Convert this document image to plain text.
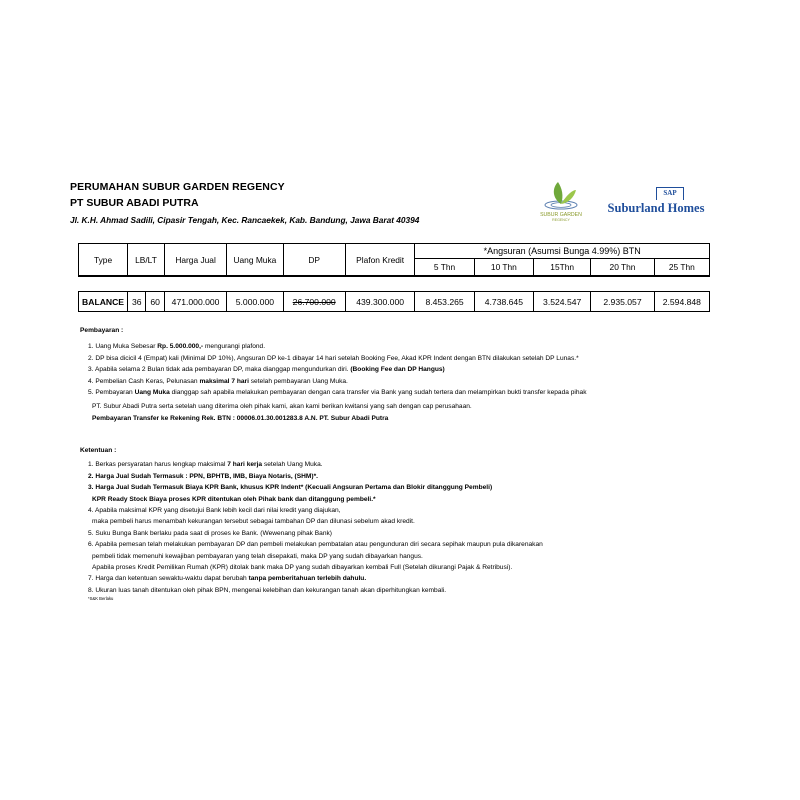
PERUMAHAN SUBUR GARDEN REGENCY
PT SUBUR ABADI PUTRA
Jl. K.H. Ahmad Sadili, Cipasir Tengah, Kec. Rancaekek, Kab. Bandung, Jawa Barat 40394	SUBUR GARDEN
REGENCY
SAP
Suburland Homes
Type	LB/LT	Harga Jual	Uang Muka	DP	Plafon Kredit	*Angsuran (Asumsi Bunga 4.99%) BTN				
						5 Thn	10 Thn	15Thn	20 Thn	25 Thn
BALANCE	36	60	471.000.000	5.000.000	26.700.000	439.300.000	8.453.265	4.738.645	3.524.547	2.935.057	2.594.848
Pembayaran :
1. Uang Muka Sebesar Rp. 5.000.000,- mengurangi plafond.
2. DP bisa dicicil 4 (Empat) kali (Minimal DP 10%), Angsuran DP ke-1 dibayar 14 hari setelah Booking Fee, Akad KPR Indent dengan BTN dilakukan setelah DP Lunas.*
3. Apabila selama 2 Bulan tidak ada pembayaran DP, maka dianggap mengundurkan diri. (Booking Fee dan DP Hangus)
4. Pembelian Cash Keras, Pelunasan maksimal 7 hari setelah pembayaran Uang Muka.
5. Pembayaran Uang Muka dianggap sah apabila melakukan pembayaran dengan cara transfer via Bank yang sudah tertera dan melampirkan bukti transfer kepada pihak
PT. Subur Abadi Putra serta setelah uang diterima oleh pihak kami, akan kami berikan kwitansi yang sah dengan cap perusahaan.
Pembayaran Transfer ke Rekening Rek. BTN : 00006.01.30.001283.8 A.N. PT. Subur Abadi Putra
Ketentuan :
1. Berkas persyaratan harus lengkap maksimal 7 hari kerja setelah Uang Muka.
2. Harga Jual Sudah Termasuk : PPN, BPHTB, IMB, Biaya Notaris, (SHM)*.
3. Harga Jual Sudah Termasuk Biaya KPR Bank, khusus KPR Indent* (Kecuali Angsuran Pertama dan Blokir ditanggung Pembeli)
KPR Ready Stock Biaya proses KPR ditentukan oleh Pihak bank dan ditanggung pembeli.*
4. Apabila maksimal KPR yang disetujui Bank lebih kecil dari nilai kredit yang diajukan,
maka pembeli harus menambah kekurangan tersebut sebagai tambahan DP dan dilunasi sebelum akad kredit.
5. Suku Bunga Bank berlaku pada saat di proses ke Bank. (Wewenang pihak Bank)
6. Apabila pemesan telah melakukan pembayaran DP dan pembeli melakukan pembatalan atau pengunduran diri secara sepihak maupun pula dikarenakan
pembeli tidak memenuhi kewajiban pembayaran yang telah disepakati, maka DP yang sudah dibayarkan hangus.
Apabila proses Kredit Pemilikan Rumah (KPR) ditolak bank maka DP yang sudah dibayarkan kembali Full (Setelah dikurangi Pajak & Retribusi).
7. Harga dan ketentuan sewaktu-waktu dapat berubah tanpa pemberitahuan terlebih dahulu.
8. Ukuran luas tanah ditentukan oleh pihak BPN, mengenai kelebihan dan kekurangan tanah akan diperhitungkan kembali.
*S&K Berlaku
